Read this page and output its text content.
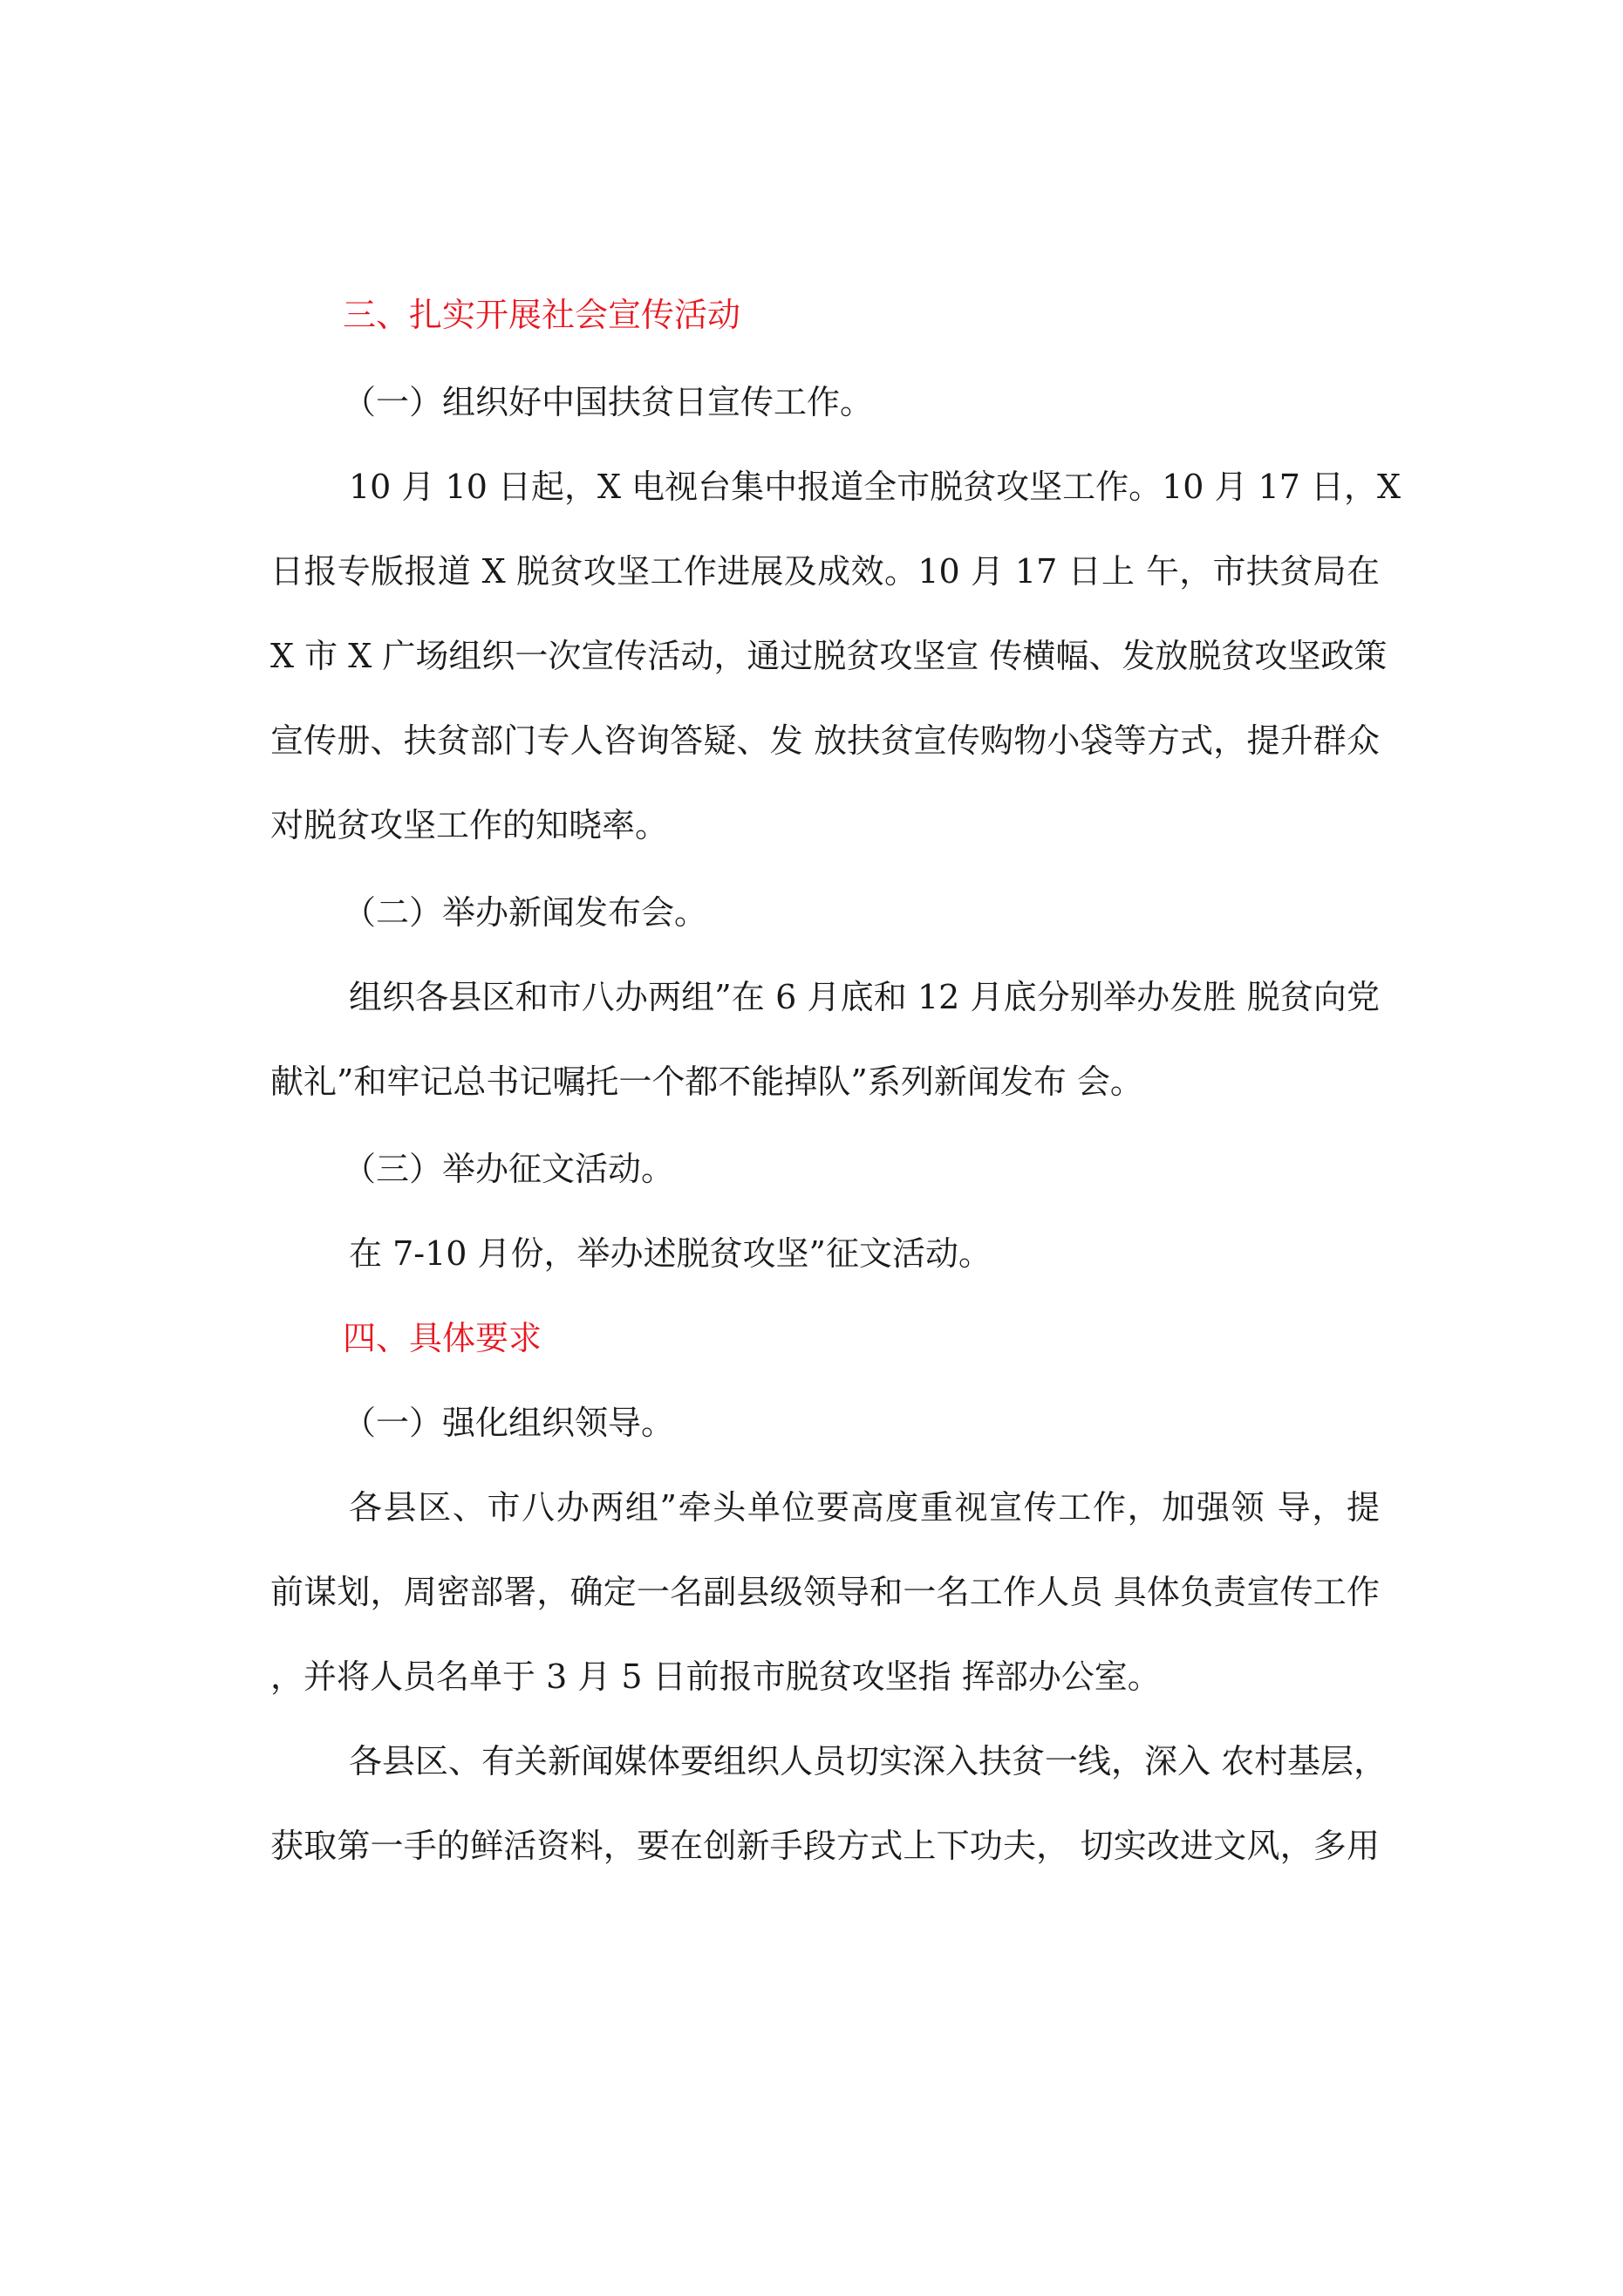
三、扎实开展社会宣传活动
（一）组织好中国扶贫日宣传工作。
10 月 10 日起，X 电视台集中报道全市脱贫攻坚工作。10 月 17 日，X
日报专版报道 X 脱贫攻坚工作进展及成效。10 月 17 日上 午，市扶贫局在
X 市 X 广场组织一次宣传活动，通过脱贫攻坚宣 传横幅、发放脱贫攻坚政策
宣传册、扶贫部门专人咨询答疑、发 放扶贫宣传购物小袋等方式，提升群众
对脱贫攻坚工作的知晓率。
（二）举办新闻发布会。
组织各县区和市八办两组”在 6 月底和 12 月底分别举办发胜 脱贫向党
献礼”和牢记总书记嘱托一个都不能掉队”系列新闻发布 会。
（三）举办征文活动。
在 7-10 月份，举办述脱贫攻坚”征文活动。
四、具体要求
（一）强化组织领导。
各县区、市八办两组”牵头单位要高度重视宣传工作，加强领 导，提
前谋划，周密部署，确定一名副县级领导和一名工作人员 具体负责宣传工作
，并将人员名单于 3 月 5 日前报市脱贫攻坚指 挥部办公室。
各县区、有关新闻媒体要组织人员切实深入扶贫一线，深入 农村基层，
获取第一手的鲜活资料，要在创新手段方式上下功夫， 切实改进文风，多用
